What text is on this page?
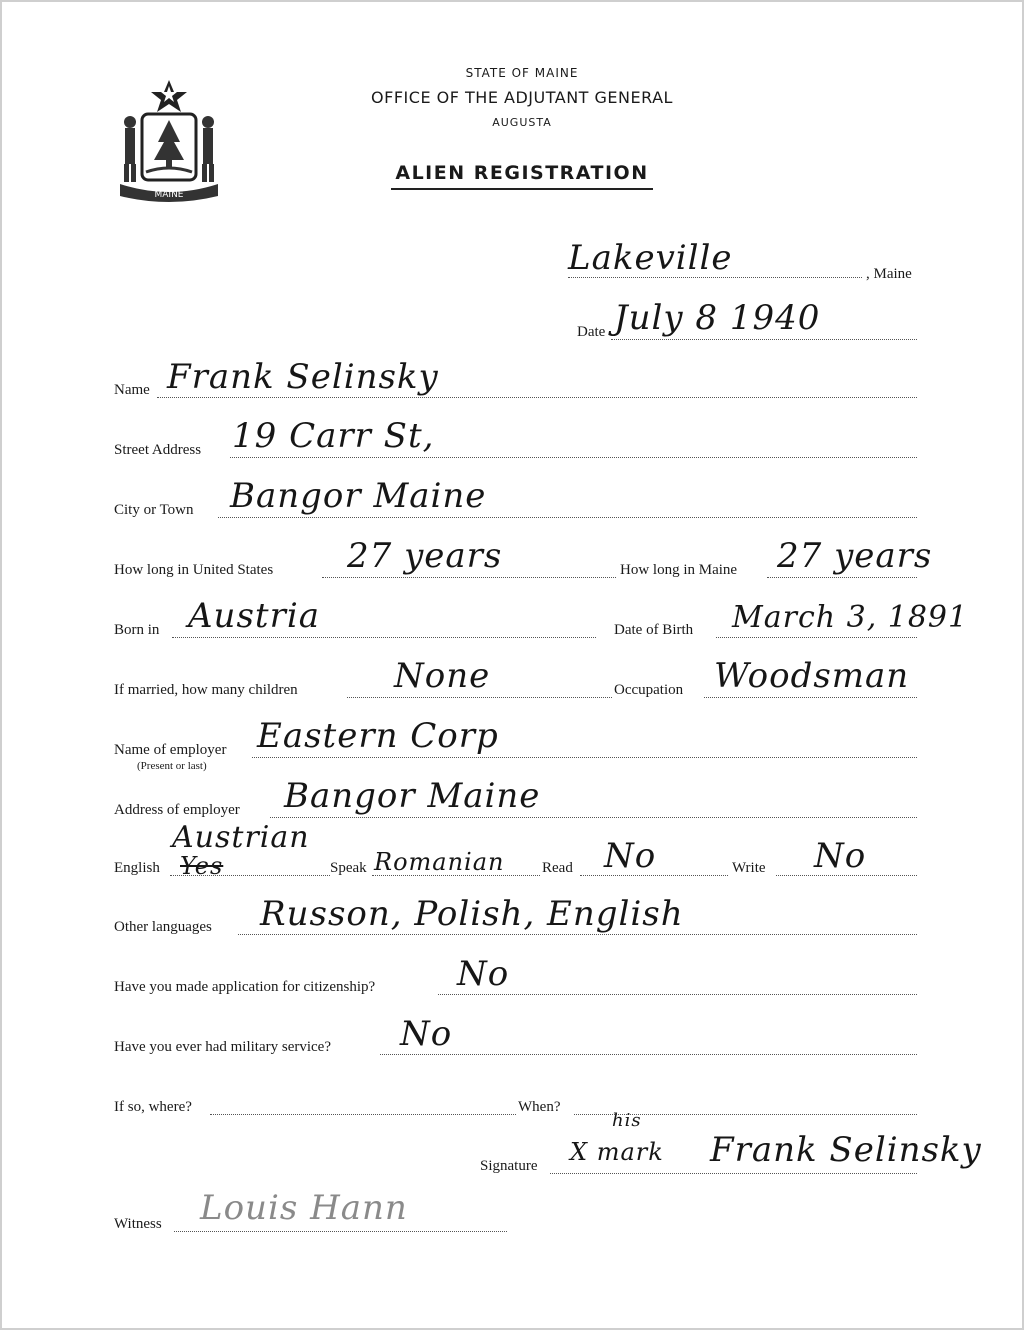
MAINE
STATE OF MAINE
OFFICE OF THE ADJUTANT GENERAL
AUGUSTA
ALIEN REGISTRATION
Lakeville	, Maine
Date July 8 1940
Name Frank Selinsky
Street Address 19 Carr St,
City or Town Bangor Maine
How long in United States 27 years	How long in Maine 27 years
Born in Austria	Date of Birth March 3, 1891
If married, how many children	None	Occupation Woodsman
Name of employer
(Present or last)
Eastern Corp
Address of employer Bangor Maine
Austrian
English Yes	Speak Romanian	Read No	Write No
Other languages Russon, Polish, English
Have you made application for citizenship? No
Have you ever had military service? No
If so, where?	When?
Signature
his
X mark Frank Selinsky
Witness Louis Hann
